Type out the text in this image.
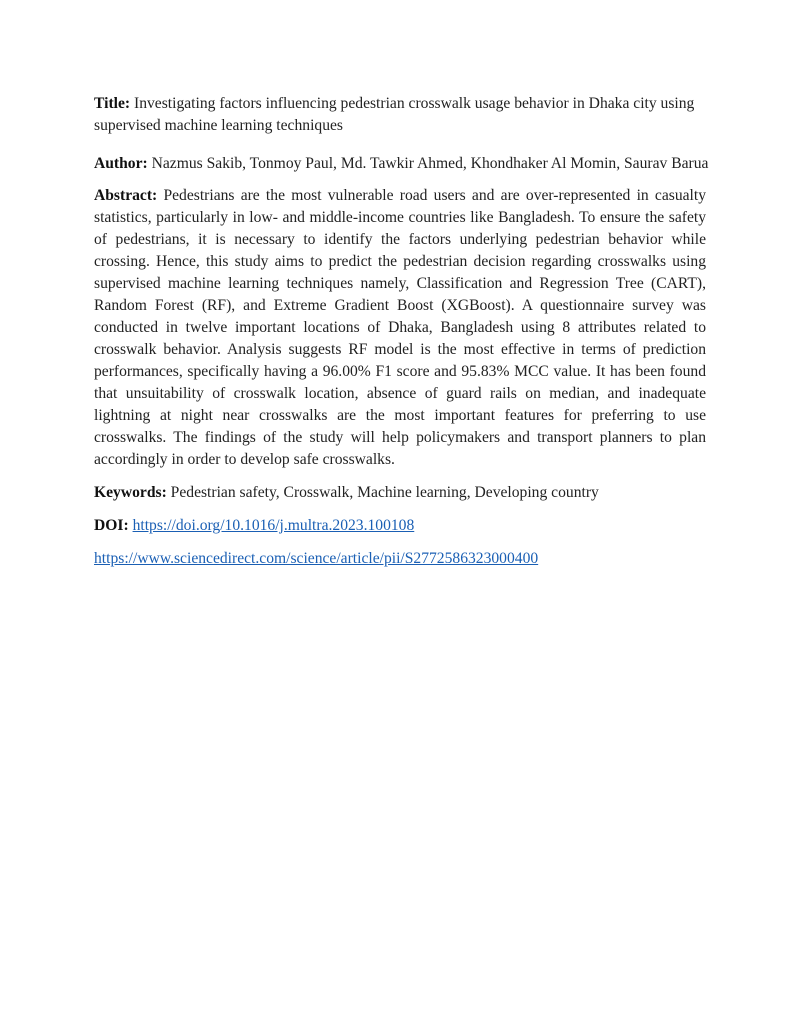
Title: Investigating factors influencing pedestrian crosswalk usage behavior in Dhaka city using supervised machine learning techniques

Author: Nazmus Sakib, Tonmoy Paul, Md. Tawkir Ahmed, Khondhaker Al Momin, Saurav Barua

Abstract: Pedestrians are the most vulnerable road users and are over-represented in casualty statistics, particularly in low- and middle-income countries like Bangladesh. To ensure the safety of pedestrians, it is necessary to identify the factors underlying pedestrian behavior while crossing. Hence, this study aims to predict the pedestrian decision regarding crosswalks using supervised machine learning techniques namely, Classification and Regression Tree (CART), Random Forest (RF), and Extreme Gradient Boost (XGBoost). A questionnaire survey was conducted in twelve important locations of Dhaka, Bangladesh using 8 attributes related to crosswalk behavior. Analysis suggests RF model is the most effective in terms of prediction performances, specifically having a 96.00% F1 score and 95.83% MCC value. It has been found that unsuitability of crosswalk location, absence of guard rails on median, and inadequate lightning at night near crosswalks are the most important features for preferring to use crosswalks. The findings of the study will help policymakers and transport planners to plan accordingly in order to develop safe crosswalks.

Keywords: Pedestrian safety, Crosswalk, Machine learning, Developing country

DOI: https://doi.org/10.1016/j.multra.2023.100108

https://www.sciencedirect.com/science/article/pii/S2772586323000400
